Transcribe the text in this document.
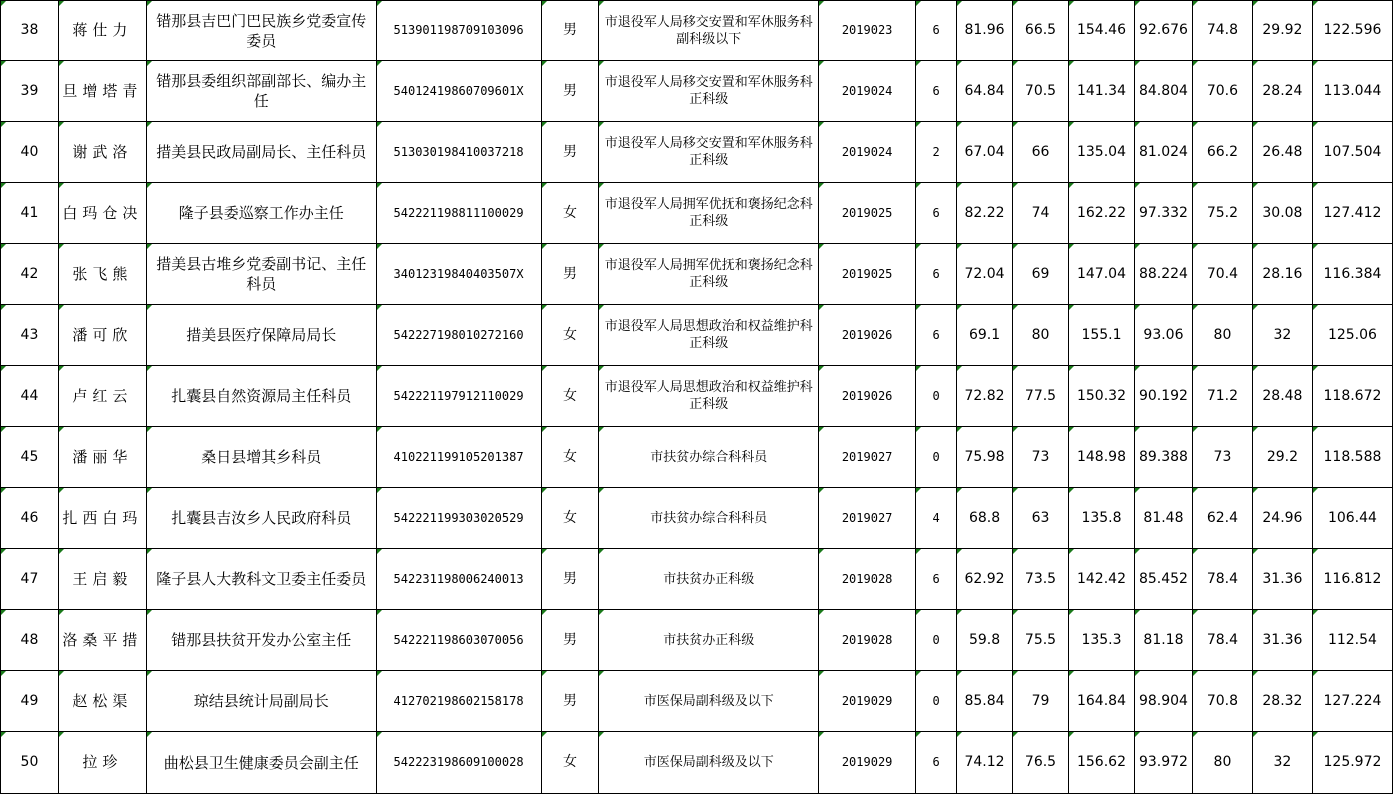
38	蒋仕力	错那县吉巴门巴民族乡党委宣传委员	513901198709103096	男	市退役军人局移交安置和军休服务科副科级以下	2019023	6	81.96	66.5	154.46	92.676	74.8	29.92	122.596

39	旦增塔青	错那县委组织部副部长、编办主任	54012419860709601X	男	市退役军人局移交安置和军休服务科正科级	2019024	6	64.84	70.5	141.34	84.804	70.6	28.24	113.044

40	谢武洛	措美县民政局副局长、主任科员	513030198410037218	男	市退役军人局移交安置和军休服务科正科级	2019024	2	67.04	66	135.04	81.024	66.2	26.48	107.504

41	白玛仓决	隆子县委巡察工作办主任	542221198811100029	女	市退役军人局拥军优抚和褒扬纪念科正科级	2019025	6	82.22	74	162.22	97.332	75.2	30.08	127.412

42	张飞熊	措美县古堆乡党委副书记、主任科员	34012319840403507X	男	市退役军人局拥军优抚和褒扬纪念科正科级	2019025	6	72.04	69	147.04	88.224	70.4	28.16	116.384

43	潘可欣	措美县医疗保障局局长	542227198010272160	女	市退役军人局思想政治和权益维护科正科级	2019026	6	69.1	80	155.1	93.06	80	32	125.06

44	卢红云	扎囊县自然资源局主任科员	542221197912110029	女	市退役军人局思想政治和权益维护科正科级	2019026	0	72.82	77.5	150.32	90.192	71.2	28.48	118.672

45	潘丽华	桑日县增其乡科员	410221199105201387	女	市扶贫办综合科科员	2019027	0	75.98	73	148.98	89.388	73	29.2	118.588

46	扎西白玛	扎囊县吉汝乡人民政府科员	542221199303020529	女	市扶贫办综合科科员	2019027	4	68.8	63	135.8	81.48	62.4	24.96	106.44

47	王启毅	隆子县人大教科文卫委主任委员	542231198006240013	男	市扶贫办正科级	2019028	6	62.92	73.5	142.42	85.452	78.4	31.36	116.812

48	洛桑平措	错那县扶贫开发办公室主任	542221198603070056	男	市扶贫办正科级	2019028	0	59.8	75.5	135.3	81.18	78.4	31.36	112.54

49	赵松渠	琼结县统计局副局长	412702198602158178	男	市医保局副科级及以下	2019029	0	85.84	79	164.84	98.904	70.8	28.32	127.224

50	拉珍	曲松县卫生健康委员会副主任	542223198609100028	女	市医保局副科级及以下	2019029	6	74.12	76.5	156.62	93.972	80	32	125.972
